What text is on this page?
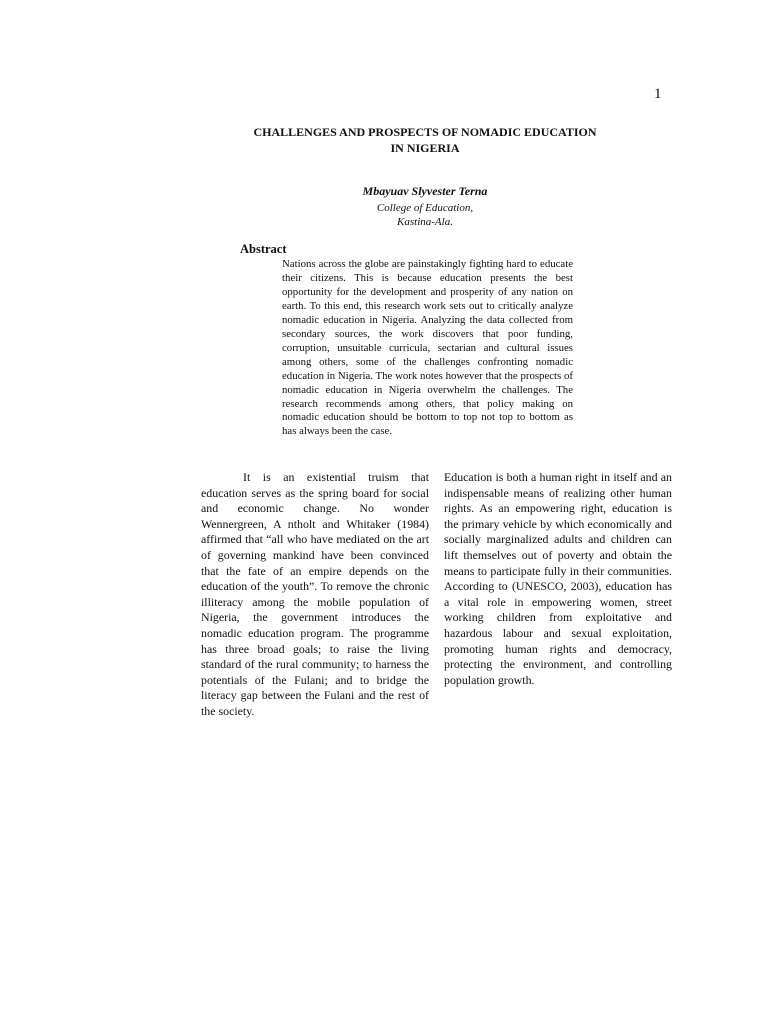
1
CHALLENGES AND PROSPECTS OF NOMADIC EDUCATION
IN NIGERIA
Mbayuav Slyvester Terna
College of Education,
Kastina-Ala.
Abstract

Nations across the globe are painstakingly fighting hard to educate their citizens. This is because education presents the best opportunity for the development and prosperity of any nation on earth. To this end, this research work sets out to critically analyze nomadic education in Nigeria. Analyzing the data collected from secondary sources, the work discovers that poor funding, corruption, unsuitable curricula, sectarian and cultural issues among others, some of the challenges confronting nomadic education in Nigeria. The work notes however that the prospects of nomadic education in Nigeria overwhelm the challenges. The research recommends among others, that policy making on nomadic education should be bottom to top not top to bottom as has always been the case.

It is an existential truism that education serves as the spring board for social and economic change. No wonder Wennergreen, A ntholt and Whitaker (1984) affirmed that “all who have mediated on the art of governing mankind have been convinced that the fate of an empire depends on the education of the youth”. To remove the chronic illiteracy among the mobile population of Nigeria, the government introduces the nomadic education program. The programme has three broad goals; to raise the living standard of the rural community; to harness the potentials of the Fulani; and to bridge the literacy gap between the Fulani and the rest of the society.

Education is both a human right in itself and an indispensable means of realizing other human rights. As an empowering right, education is the primary vehicle by which economically and socially marginalized adults and children can lift themselves out of poverty and obtain the means to participate fully in their communities. According to (UNESCO, 2003), education has a vital role in empowering women, street working children from exploitative and hazardous labour and sexual exploitation, promoting human rights and democracy, protecting the environment, and controlling population growth.
